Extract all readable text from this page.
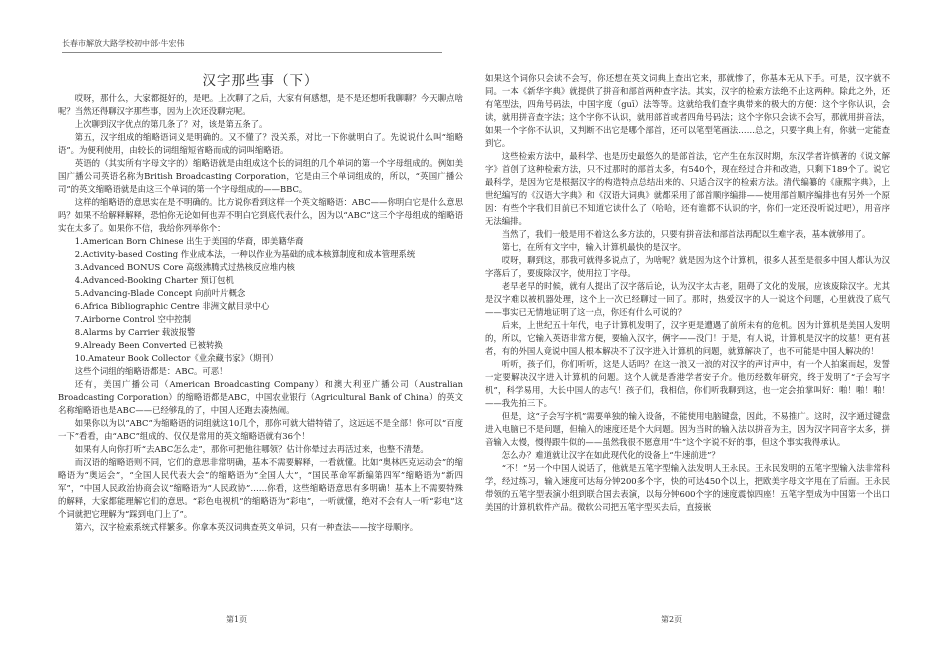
长春市解放大路学校初中部·牛宏伟
汉字那些事（下）

哎呀，那什么，大家都挺好的，是吧。上次聊了之后，大家有何感想，是不是还想听我聊聊？今天聊点啥呢？当然还得聊汉字那些事，因为上次还没聊完呢。

上次聊到汉字优点的第几条了？对，该是第五条了。

第五，汉字组成的缩略语词义是明确的。又不懂了？没关系，对比一下你就明白了。先说说什么叫“缩略语”。为便利使用，由较长的词组缩短省略而成的词叫缩略语。

英语的（其实所有字母文字的）缩略语就是由组成这个长的词组的几个单词的第一个字母组成的。例如美国广播公司英语名称为British Broadcasting Corporation，它是由三个单词组成的，所以，“英国广播公司”的英文缩略语就是由这三个单词的第一个字母组成的——BBC。

这样的缩略语的意思实在是不明确的。比方说你看到这样一个英文缩略语：ABC——你明白它是什么意思吗？如果不给解释解释，恐怕你无论如何也弄不明白它到底代表什么，因为以“ABC”这三个字母组成的缩略语实在太多了。如果你不信，我给你列举你个：

1.American Born Chinese 出生于美国的华裔，即美籍华裔
2.Activity-based Costing 作业成本法，一种以作业为基础的成本核算制度和成本管理系统
3.Advanced BONUS Core 高级沸腾式过热核反应堆内核
4.Advanced-Booking Charter 预订包机
5.Advancing-Blade Concept 向前叶片概念
6.Africa Bibliographic Centre 非洲文献目录中心
7.Airborne Control 空中控制
8.Alarms by Carrier 载波报警
9.Already Been Converted 已被转换
10.Amateur Book Collector《业余藏书家》（期刊）

这些个词组的缩略语都是：ABC。可恶！

还有，美国广播公司（American Broadcasting Company）和澳大利亚广播公司（Australian Broadcasting Corporation）的缩略语都是ABC，中国农业银行（Agricultural Bank of China）的英文名称缩略语也是ABC——已经够乱的了，中国人还跑去凑热闹。

如果你以为以“ABC”为缩略语的词组就这10几个，那你可就大错特错了，这远远不是全部！你可以“百度一下”看看，由“ABC”组成的、仅仅是常用的英文缩略语就有36个！

如果有人向你打听“去ABC怎么走”，那你可把他往哪领？估计你晕过去再活过来，也整不清楚。

而汉语的缩略语则不同，它们的意思非常明确，基本不需要解释，一看就懂。比如“奥林匹克运动会”的缩略语为“奥运会”，“全国人民代表大会”的缩略语为“全国人大”，“国民革命军新编第四军”缩略语为“新四军”，“中国人民政治协商会议”缩略语为“人民政协”……你看，这些缩略语意思有多明确！基本上不需要特殊的解释，大家都能理解它们的意思。“彩色电视机”的缩略语为“彩电”，一听就懂，绝对不会有人一听“彩电”这个词就把它理解为“踩到电门上了”。

第六，汉字检索系统式样繁多。你拿本英汉词典查英文单词，只有一种查法——按字母顺序。

如果这个词你只会读不会写，你还想在英文词典上查出它来，那就惨了，你基本无从下手。可是，汉字就不同。一本《新华字典》就提供了拼音和部首两种查字法。其实，汉字的检索方法绝不止这两种。除此之外，还有笔型法，四角号码法，中国字度（guī）法等等。这就给我们查字典带来的极大的方便：这个字你认识，会读，就用拼音查字法；这个字你不认识，就用部首或者四角号码法；这个字你只会读不会写，那就用拼音法，如果一个字你不认识，又判断不出它是哪个部首，还可以笔型笔画法……总之，只要字典上有，你就一定能查到它。

这些检索方法中，最科学、也是历史最悠久的是部首法，它产生在东汉时期，东汉学者许慎著的《说文解字》首创了这种检索方法，只不过那时的部首太多，有540个，现在经过合并和改造，只剩下189个了。说它最科学，是因为它是根据汉字的构造特点总结出来的、只适合汉字的检索方法。清代编纂的《康熙字典》，上世纪编写的《汉语大字典》和《汉语大词典》就都采用了部首顺序编排——使用部首顺序编排也有另外一个原因：有些个字我们目前已不知道它读什么了（哈哈，还有谁都不认识的字，你们一定还没听说过吧），用音序无法编排。

当然了，我们一般是用不着这么多方法的，只要有拼音法和部首法再配以生难字表，基本就够用了。

第七，在所有文字中，输入计算机最快的是汉字。

哎呀，聊到这，那我可就得多说点了，为啥呢？就是因为这个计算机，很多人甚至是很多中国人都认为汉字落后了，要废除汉字，使用拉丁字母。

老早老早的时候，就有人提出了汉字落后论，认为汉字太古老，阻碍了文化的发展，应该废除汉字。尤其是汉字难以被机器处理，这个上一次已经聊过一回了。那时，热爱汉字的人一说这个问题，心里就没了底气——事实已无情地证明了这一点，你还有什么可说的？

后来，上世纪五十年代，电子计算机发明了，汉字更是遭遇了前所未有的危机。因为计算机是美国人发明的，所以，它输入英语非常方便，要输入汉字，俩字——没门！于是，有人说，计算机是汉字的坟墓！更有甚者，有的外国人竟说中国人根本解决不了汉字进入计算机的问题，就算解决了，也不可能是中国人解决的！

听听，孩子们，你们听听，这是人话吗？在这一浪又一浪的对汉字的声讨声中，有一个人拍案而起，发誓一定要解决汉字进入计算机的问题。这个人就是香港学者安子介。他历经数年研究，终于发明了“子会写字机”，科学易用，大长中国人的志气！孩子们，我相信，你们听我聊到这，也一定会拍掌叫好：啪！啪！啪！——我先拍三下。

但是，这“子会写字机”需要单独的输入设备，不能使用电脑键盘，因此，不易推广。这时，汉字通过键盘进入电脑已不是问题，但输入的速度还是个大问题。因为当时的输入法以拼音为主，因为汉字同音字太多，拼音输入太慢，慢得跟牛似的——虽然我很不愿意用“牛”这个字说不好的事，但这个事实我得承认。

怎么办？难道就让汉字在如此现代化的设备上“牛速前进”？

“不！”另一个中国人说话了，他就是五笔字型输入法发明人王永民。王永民发明的五笔字型输入法非常科学，经过练习，输入速度可达每分钟200多个字，快的可达450个以上，把欧美字母文字甩在了后面。王永民带领的五笔字型表演小组到联合国去表演，以每分钟600个字的速度震惊四座！五笔字型成为中国第一个出口美国的计算机软件产品。微软公司把五笔字型买去后，直接嵌

第1页	第2页
